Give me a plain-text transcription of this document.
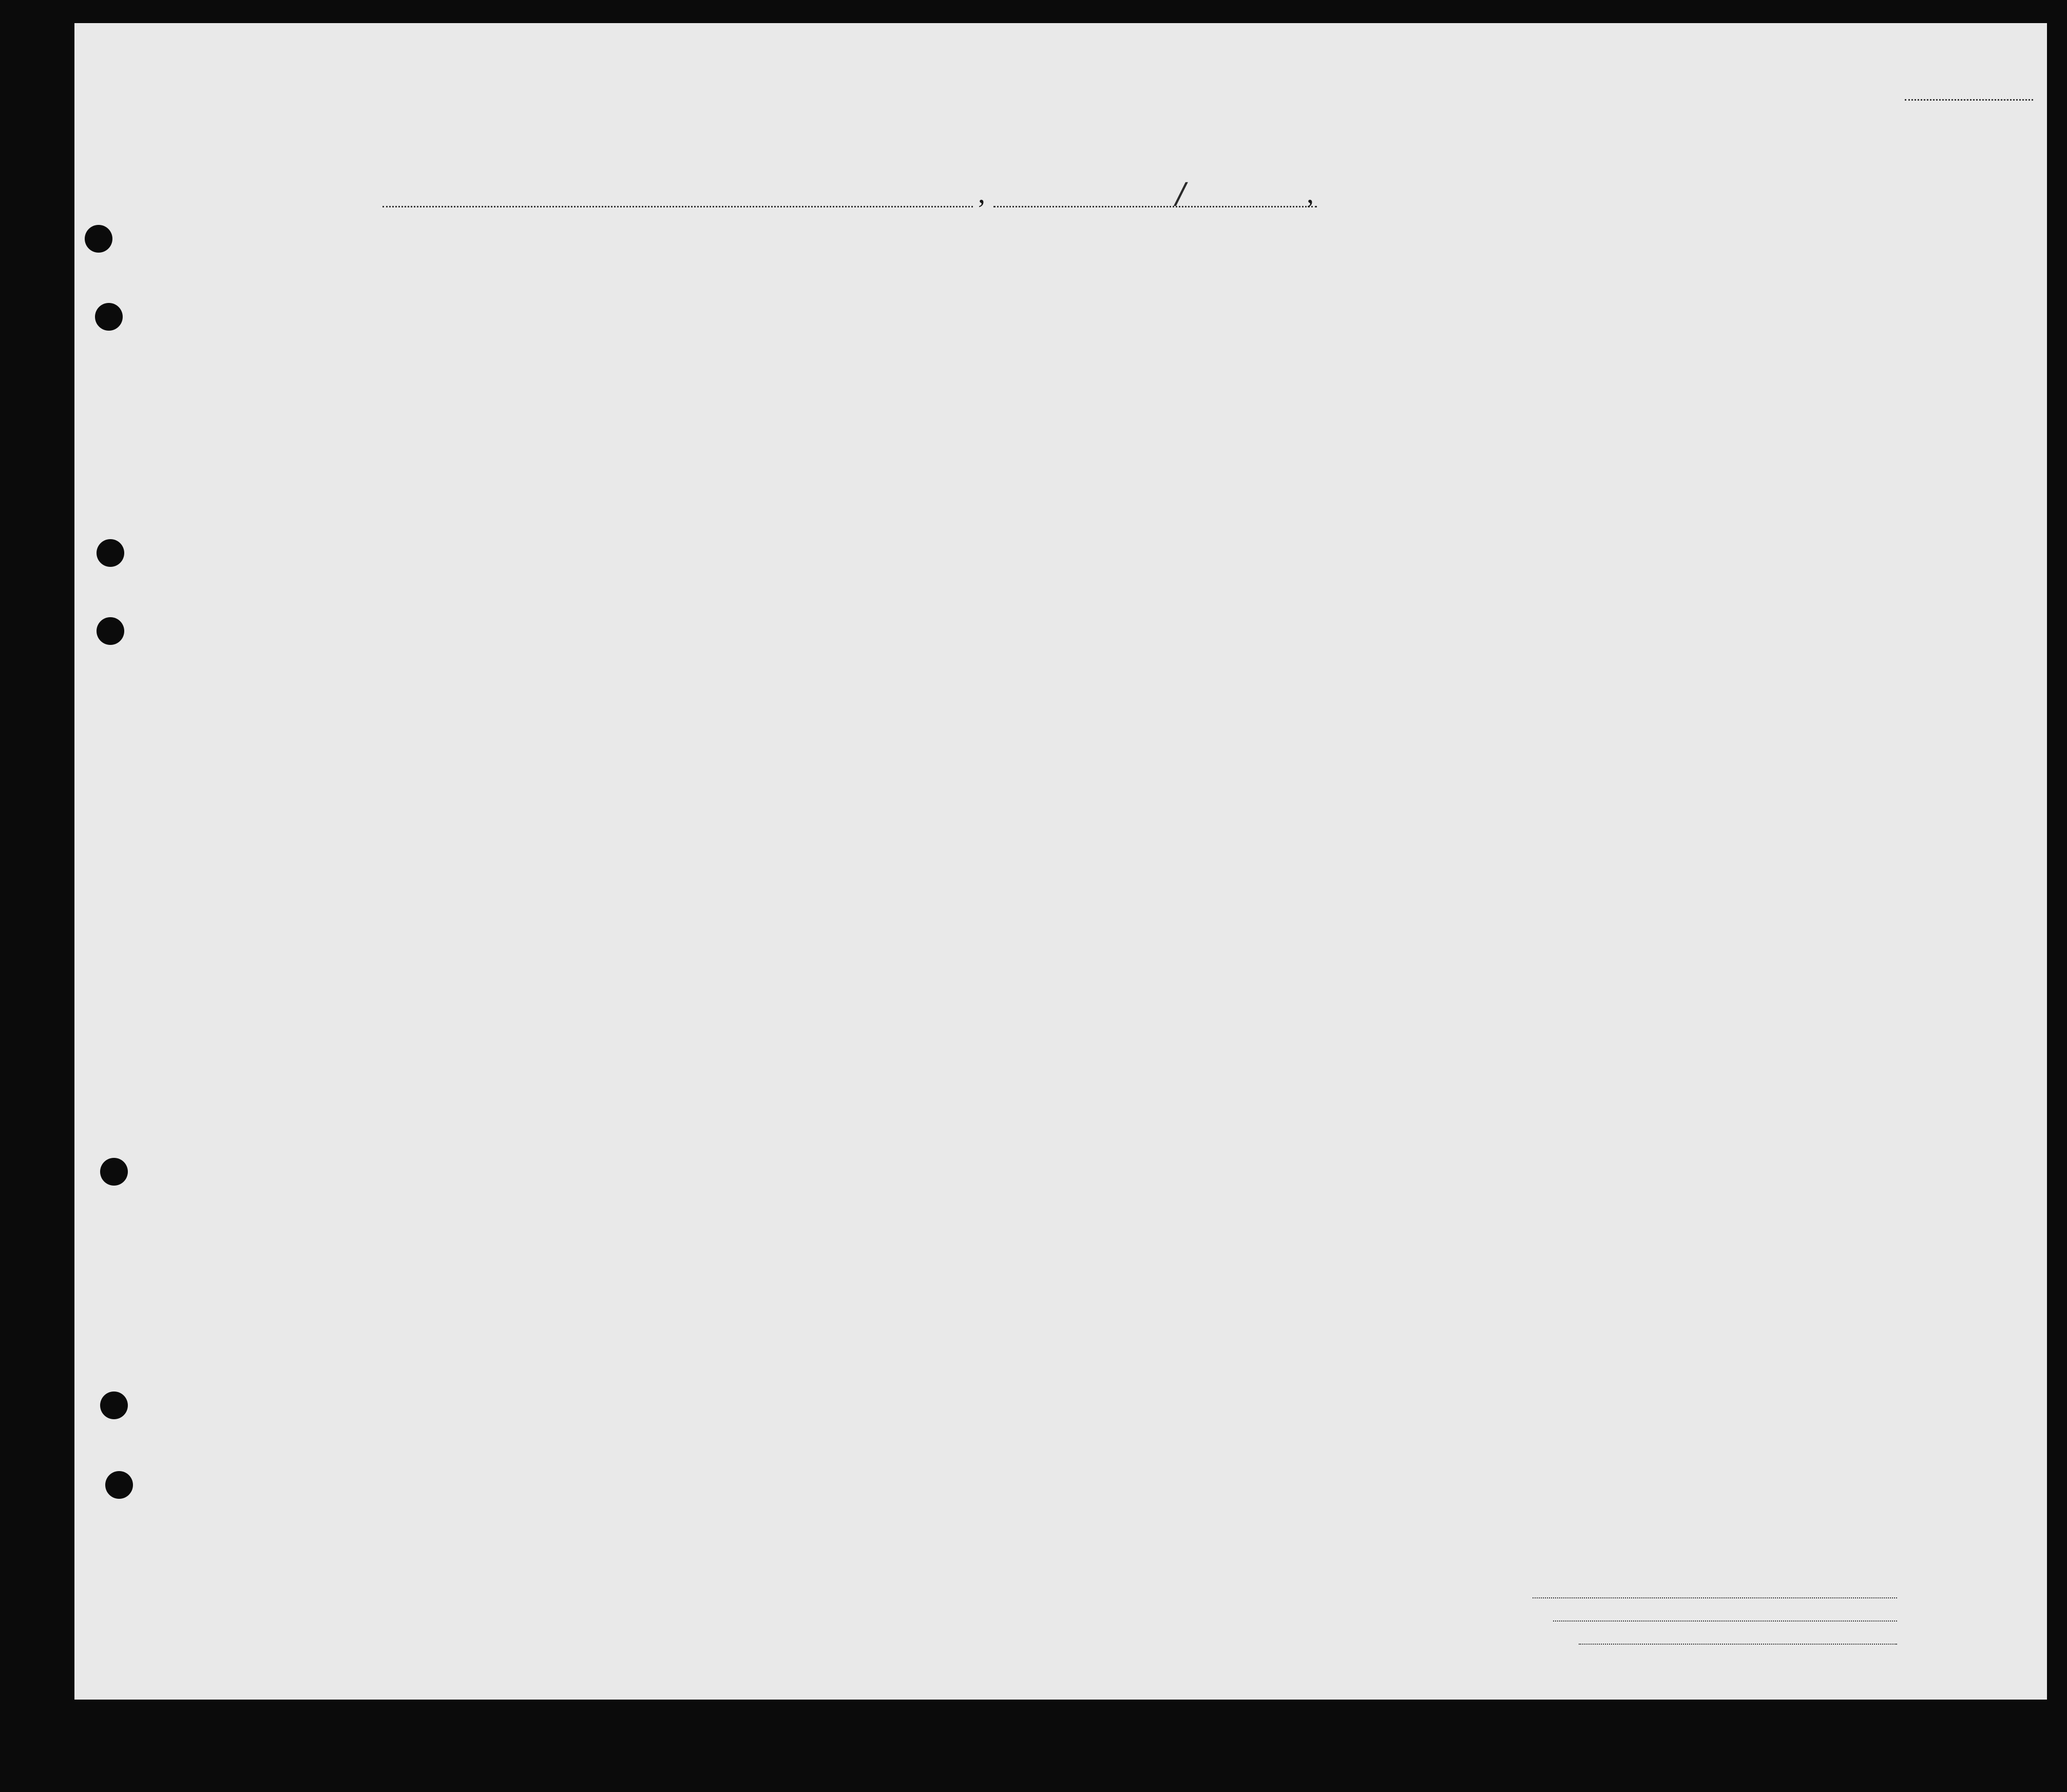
,	/	,
